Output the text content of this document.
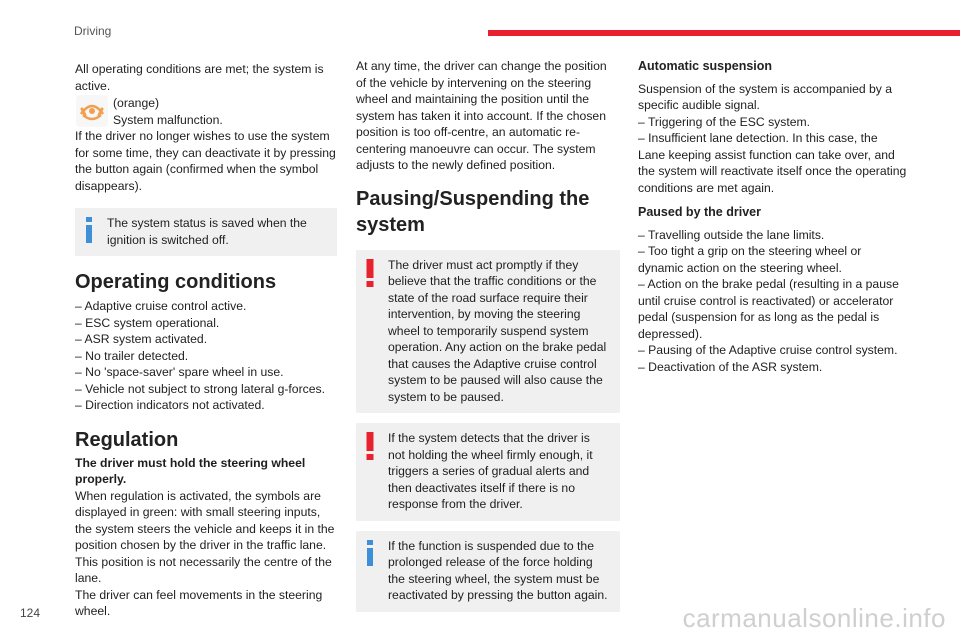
Driving

All operating conditions are met; the system is active.

(orange)

System malfunction.

If the driver no longer wishes to use the system for some time, they can deactivate it by pressing the button again (confirmed when the symbol disappears).

The system status is saved when the ignition is switched off.

Operating conditions
– Adaptive cruise control active.
– ESC system operational.
– ASR system activated.
– No trailer detected.
– No 'space-saver' spare wheel in use.
– Vehicle not subject to strong lateral g-forces.
– Direction indicators not activated.
Regulation

The driver must hold the steering wheel properly.

When regulation is activated, the symbols are displayed in green: with small steering inputs, the system steers the vehicle and keeps it in the position chosen by the driver in the traffic lane. This position is not necessarily the centre of the lane.

The driver can feel movements in the steering wheel.

At any time, the driver can change the position of the vehicle by intervening on the steering wheel and maintaining the position until the system has taken it into account. If the chosen position is too off-centre, an automatic re-centering manoeuvre can occur. The system adjusts to the newly defined position.

Pausing/Suspending the system

The driver must act promptly if they believe that the traffic conditions or the state of the road surface require their intervention, by moving the steering wheel to temporarily suspend system operation. Any action on the brake pedal that causes the Adaptive cruise control system to be paused will also cause the system to be paused.

If the system detects that the driver is not holding the wheel firmly enough, it triggers a series of gradual alerts and then deactivates itself if there is no response from the driver.

If the function is suspended due to the prolonged release of the force holding the steering wheel, the system must be reactivated by pressing the button again.

Automatic suspension

Suspension of the system is accompanied by a specific audible signal.

– Triggering of the ESC system.
– Insufficient lane detection. In this case, the Lane keeping assist function can take over, and the system will reactivate itself once the operating conditions are met again.
Paused by the driver
– Travelling outside the lane limits.
– Too tight a grip on the steering wheel or dynamic action on the steering wheel.
– Action on the brake pedal (resulting in a pause until cruise control is reactivated) or accelerator pedal (suspension for as long as the pedal is depressed).
– Pausing of the Adaptive cruise control system.
– Deactivation of the ASR system.
124	carmanualsonline.info
